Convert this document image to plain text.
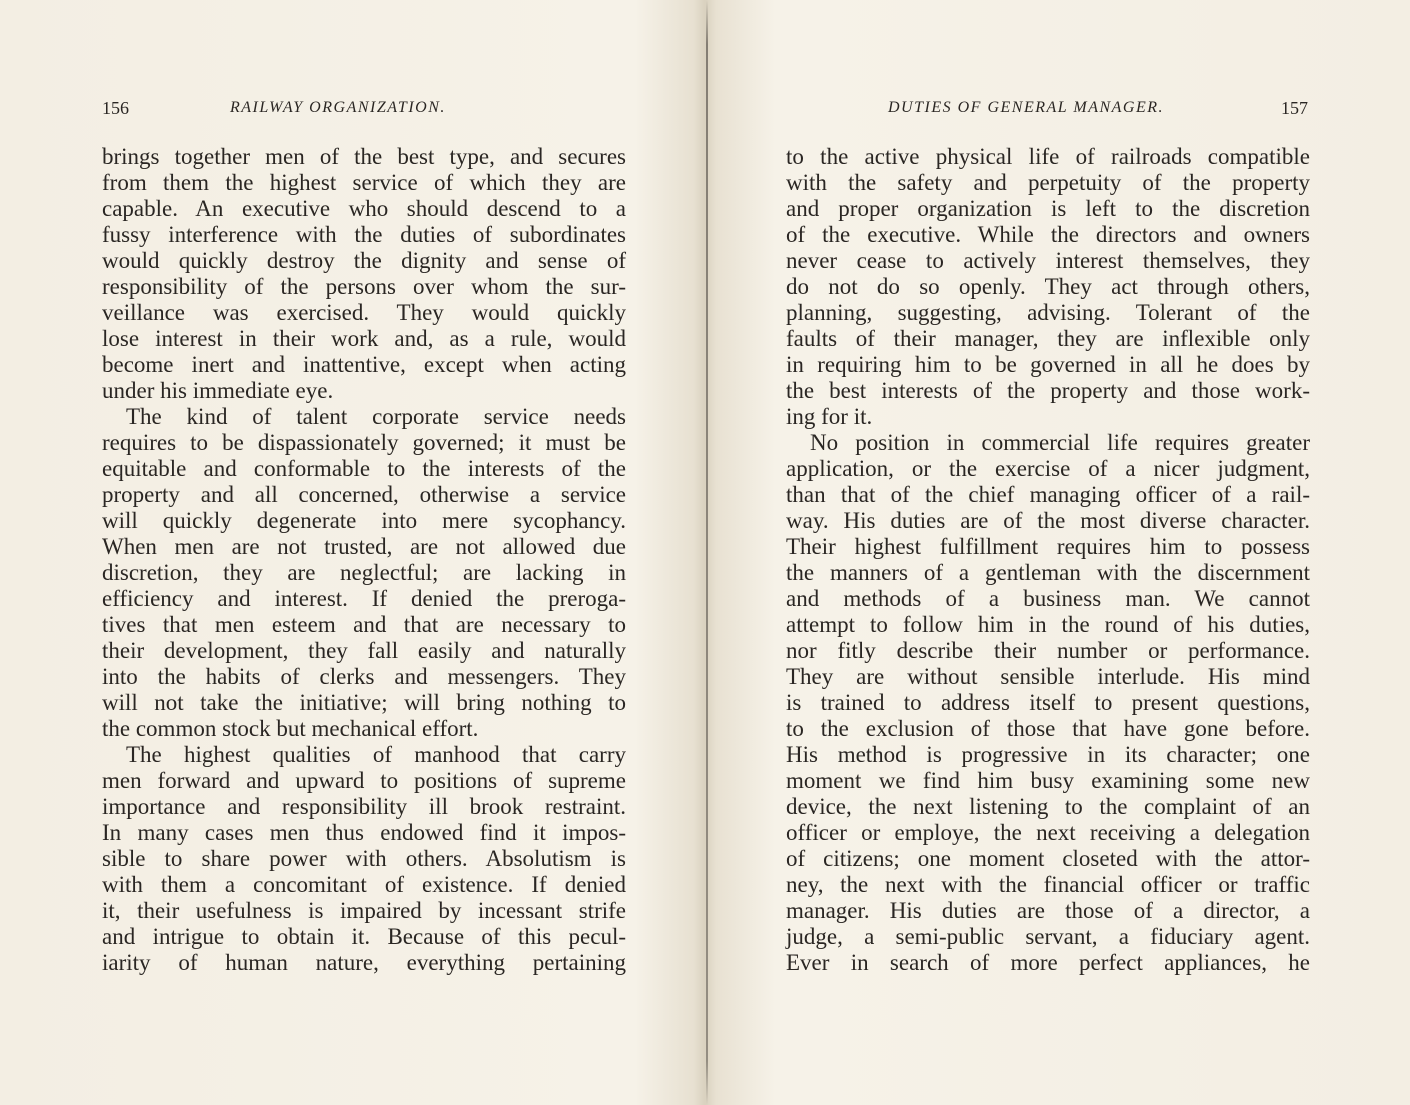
156	RAILWAY ORGANIZATION.
brings together men of the best type, and secures
from them the highest service of which they are
capable. An executive who should descend to a
fussy interference with the duties of subordinates
would quickly destroy the dignity and sense of
responsibility of the persons over whom the sur-
veillance was exercised. They would quickly
lose interest in their work and, as a rule, would
become inert and inattentive, except when acting
under his immediate eye.
The kind of talent corporate service needs
requires to be dispassionately governed; it must be
equitable and conformable to the interests of the
property and all concerned, otherwise a service
will quickly degenerate into mere sycophancy.
When men are not trusted, are not allowed due
discretion, they are neglectful; are lacking in
efficiency and interest. If denied the preroga-
tives that men esteem and that are necessary to
their development, they fall easily and naturally
into the habits of clerks and messengers. They
will not take the initiative; will bring nothing to
the common stock but mechanical effort.
The highest qualities of manhood that carry
men forward and upward to positions of supreme
importance and responsibility ill brook restraint.
In many cases men thus endowed find it impos-
sible to share power with others. Absolutism is
with them a concomitant of existence. If denied
it, their usefulness is impaired by incessant strife
and intrigue to obtain it. Because of this pecul-
iarity of human nature, everything pertaining
DUTIES OF GENERAL MANAGER.	157
to the active physical life of railroads compatible
with the safety and perpetuity of the property
and proper organization is left to the discretion
of the executive. While the directors and owners
never cease to actively interest themselves, they
do not do so openly. They act through others,
planning, suggesting, advising. Tolerant of the
faults of their manager, they are inflexible only
in requiring him to be governed in all he does by
the best interests of the property and those work-
ing for it.
No position in commercial life requires greater
application, or the exercise of a nicer judgment,
than that of the chief managing officer of a rail-
way. His duties are of the most diverse character.
Their highest fulfillment requires him to possess
the manners of a gentleman with the discernment
and methods of a business man. We cannot
attempt to follow him in the round of his duties,
nor fitly describe their number or performance.
They are without sensible interlude. His mind
is trained to address itself to present questions,
to the exclusion of those that have gone before.
His method is progressive in its character; one
moment we find him busy examining some new
device, the next listening to the complaint of an
officer or employe, the next receiving a delegation
of citizens; one moment closeted with the attor-
ney, the next with the financial officer or traffic
manager. His duties are those of a director, a
judge, a semi-public servant, a fiduciary agent.
Ever in search of more perfect appliances, he
